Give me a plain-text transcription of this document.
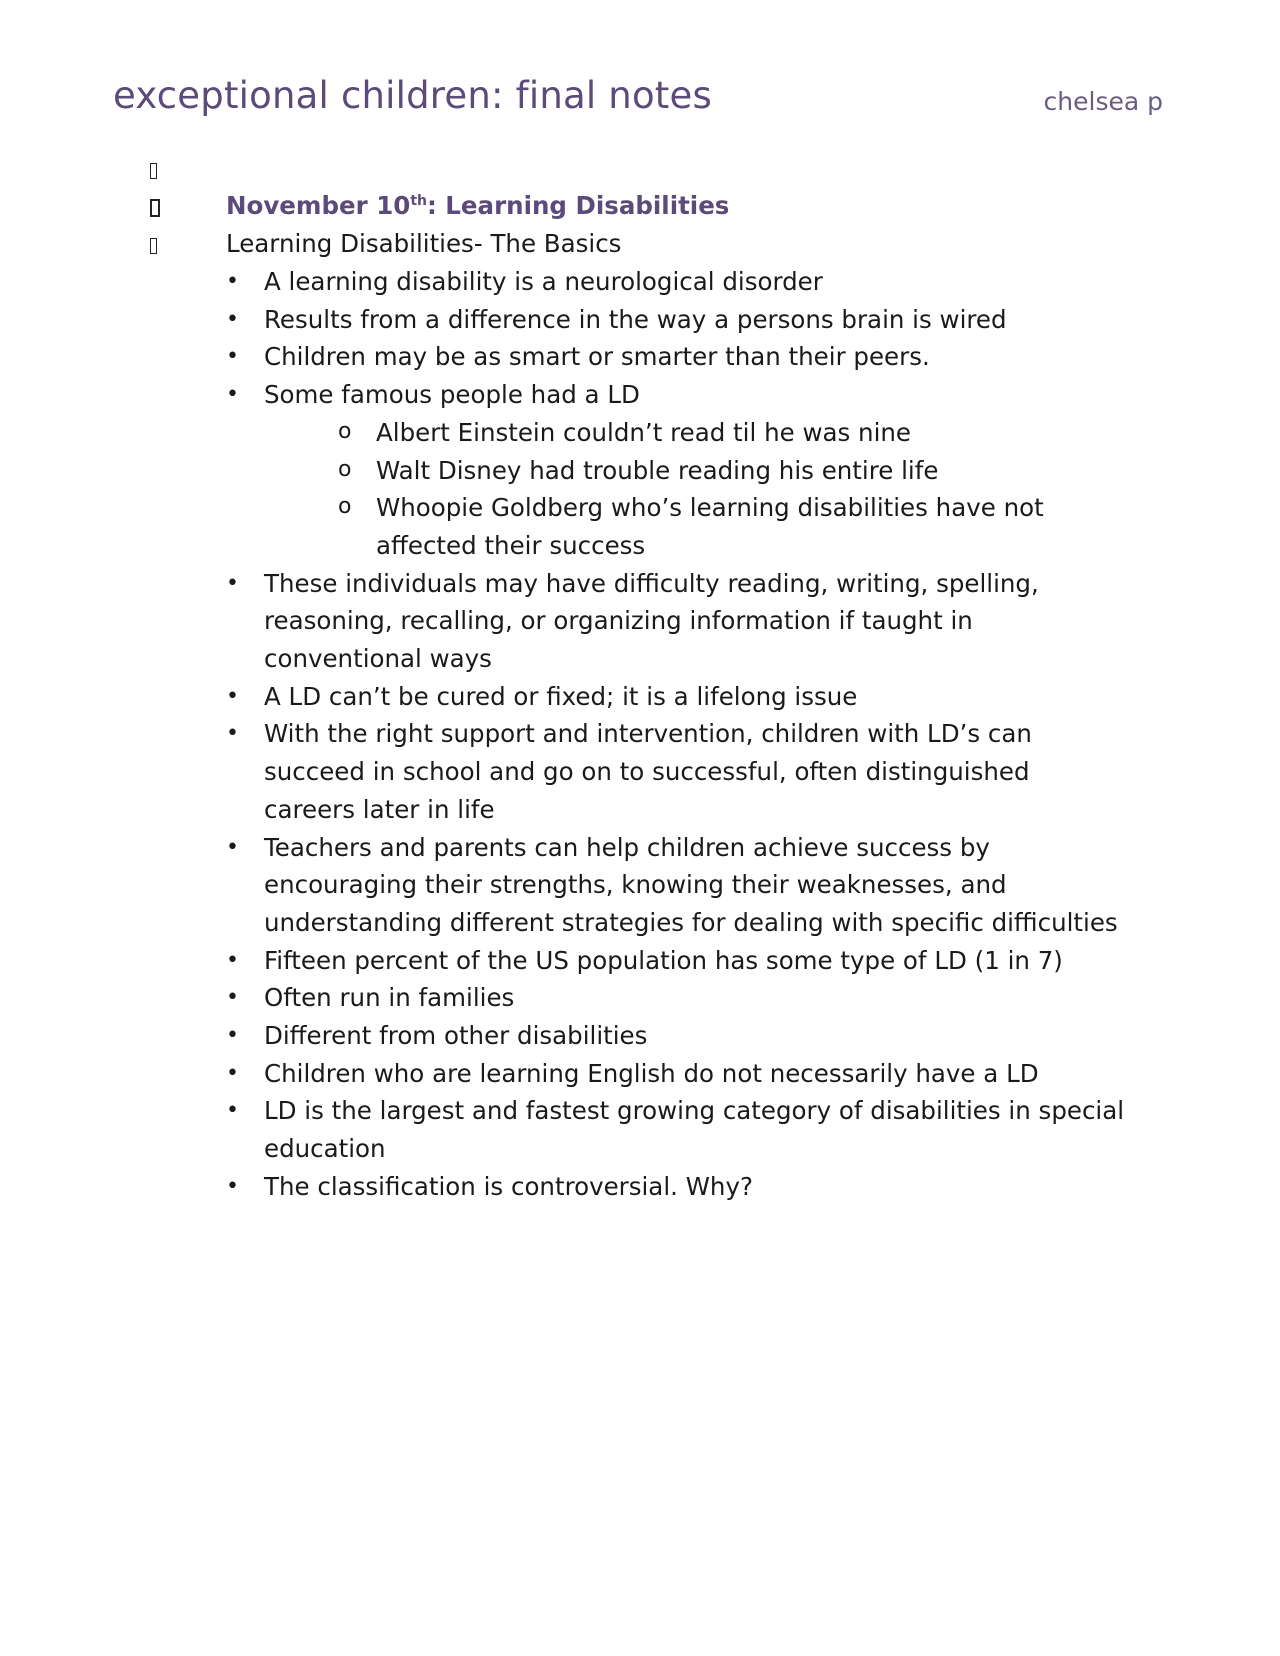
exceptional children: final notes	chelsea p
November 10th: Learning Disabilities
Learning Disabilities- The Basics
• A learning disability is a neurological disorder
• Results from a difference in the way a persons brain is wired
• Children may be as smart or smarter than their peers.
• Some famous people had a LD
o Albert Einstein couldn’t read til he was nine
o Walt Disney had trouble reading his entire life
o Whoopie Goldberg who’s learning disabilities have not affected their success
• These individuals may have difficulty reading, writing, spelling, reasoning, recalling, or organizing information if taught in conventional ways
• A LD can’t be cured or fixed; it is a lifelong issue
• With the right support and intervention, children with LD’s can succeed in school and go on to successful, often distinguished careers later in life
• Teachers and parents can help children achieve success by encouraging their strengths, knowing their weaknesses, and understanding different strategies for dealing with specific difficulties
• Fifteen percent of the US population has some type of LD (1 in 7)
• Often run in families
• Different from other disabilities
• Children who are learning English do not necessarily have a LD
• LD is the largest and fastest growing category of disabilities in special education
• The classification is controversial. Why?
